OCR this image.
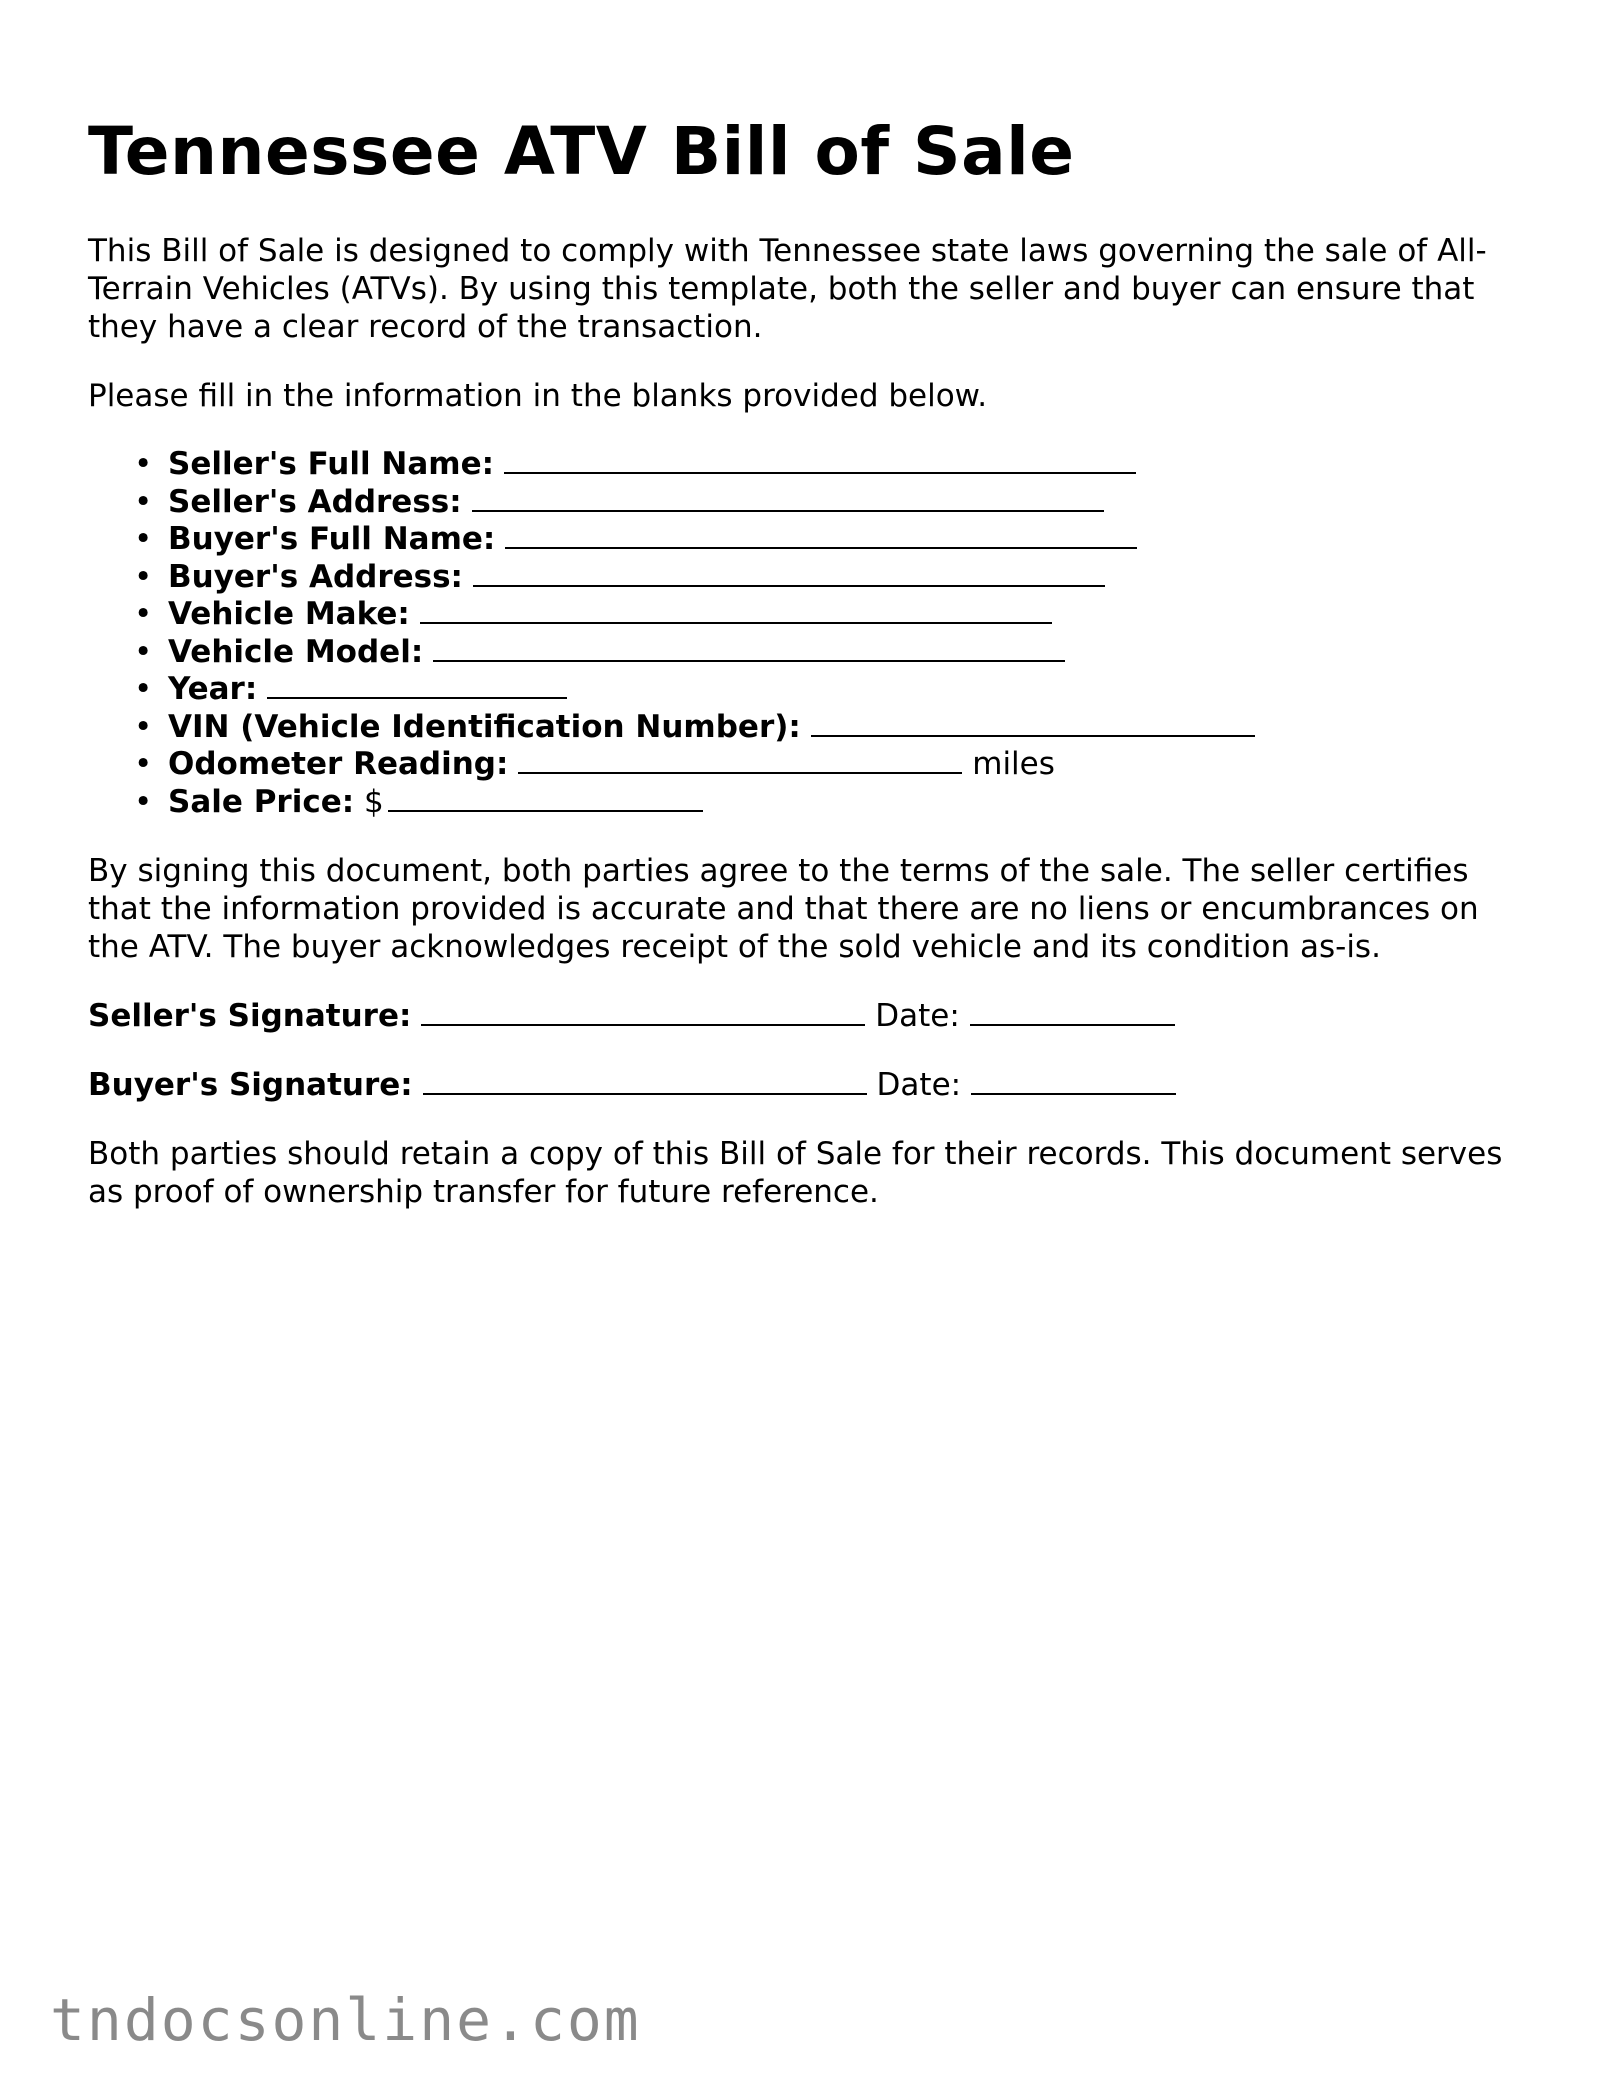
Tennessee ATV Bill of Sale

This Bill of Sale is designed to comply with Tennessee state laws governing the sale of All-Terrain Vehicles (ATVs). By using this template, both the seller and buyer can ensure that they have a clear record of the transaction.

Please fill in the information in the blanks provided below.

• Seller's Full Name:
• Seller's Address:
• Buyer's Full Name:
• Buyer's Address:
• Vehicle Make:
• Vehicle Model:
• Year:
• VIN (Vehicle Identification Number):
• Odometer Reading:	miles
• Sale Price: $

By signing this document, both parties agree to the terms of the sale. The seller certifies that the information provided is accurate and that there are no liens or encumbrances on the ATV. The buyer acknowledges receipt of the sold vehicle and its condition as-is.

Seller's Signature:	Date:
Buyer's Signature:	Date:

Both parties should retain a copy of this Bill of Sale for their records. This document serves as proof of ownership transfer for future reference.

tndocsonline.com
